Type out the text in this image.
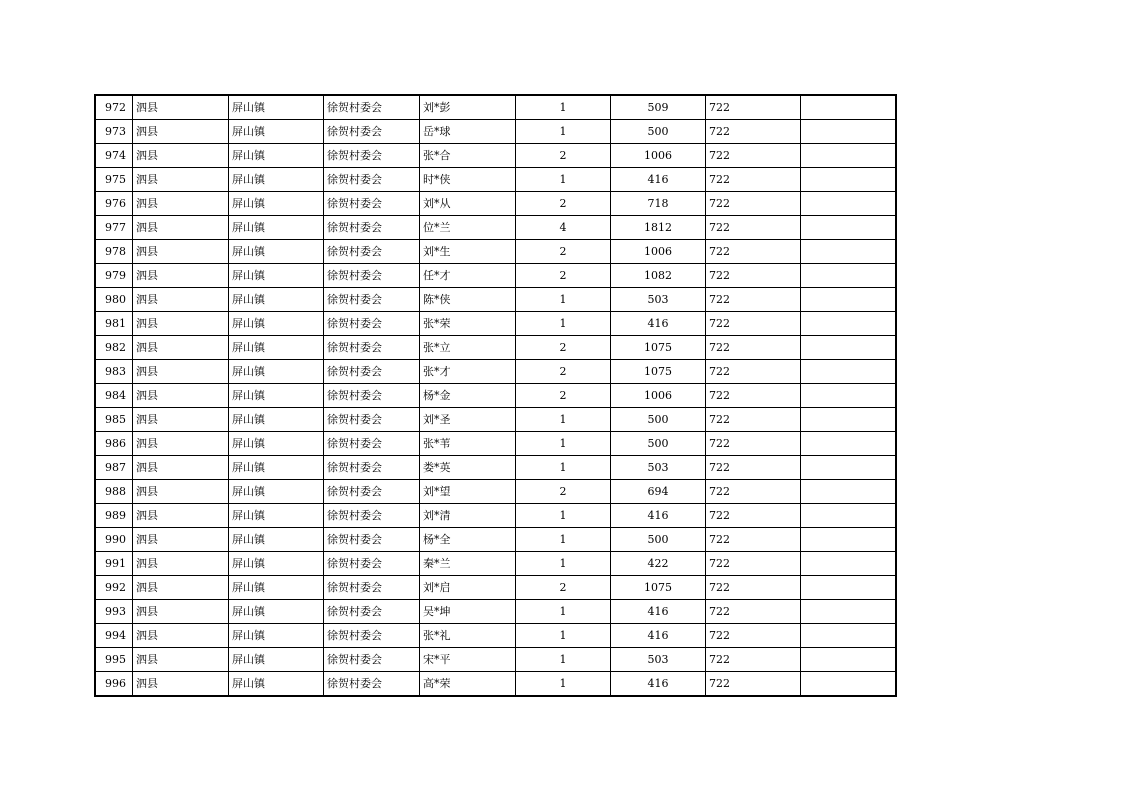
972	泗县	屏山镇	徐贺村委会	刘*彭	1	509	722	
973	泗县	屏山镇	徐贺村委会	岳*球	1	500	722	
974	泗县	屏山镇	徐贺村委会	张*合	2	1006	722	
975	泗县	屏山镇	徐贺村委会	时*侠	1	416	722	
976	泗县	屏山镇	徐贺村委会	刘*从	2	718	722	
977	泗县	屏山镇	徐贺村委会	位*兰	4	1812	722	
978	泗县	屏山镇	徐贺村委会	刘*生	2	1006	722	
979	泗县	屏山镇	徐贺村委会	任*才	2	1082	722	
980	泗县	屏山镇	徐贺村委会	陈*侠	1	503	722	
981	泗县	屏山镇	徐贺村委会	张*荣	1	416	722	
982	泗县	屏山镇	徐贺村委会	张*立	2	1075	722	
983	泗县	屏山镇	徐贺村委会	张*才	2	1075	722	
984	泗县	屏山镇	徐贺村委会	杨*金	2	1006	722	
985	泗县	屏山镇	徐贺村委会	刘*圣	1	500	722	
986	泗县	屏山镇	徐贺村委会	张*苇	1	500	722	
987	泗县	屏山镇	徐贺村委会	娄*英	1	503	722	
988	泗县	屏山镇	徐贺村委会	刘*望	2	694	722	
989	泗县	屏山镇	徐贺村委会	刘*清	1	416	722	
990	泗县	屏山镇	徐贺村委会	杨*全	1	500	722	
991	泗县	屏山镇	徐贺村委会	秦*兰	1	422	722	
992	泗县	屏山镇	徐贺村委会	刘*启	2	1075	722	
993	泗县	屏山镇	徐贺村委会	吴*坤	1	416	722	
994	泗县	屏山镇	徐贺村委会	张*礼	1	416	722	
995	泗县	屏山镇	徐贺村委会	宋*平	1	503	722	
996	泗县	屏山镇	徐贺村委会	高*荣	1	416	722	
